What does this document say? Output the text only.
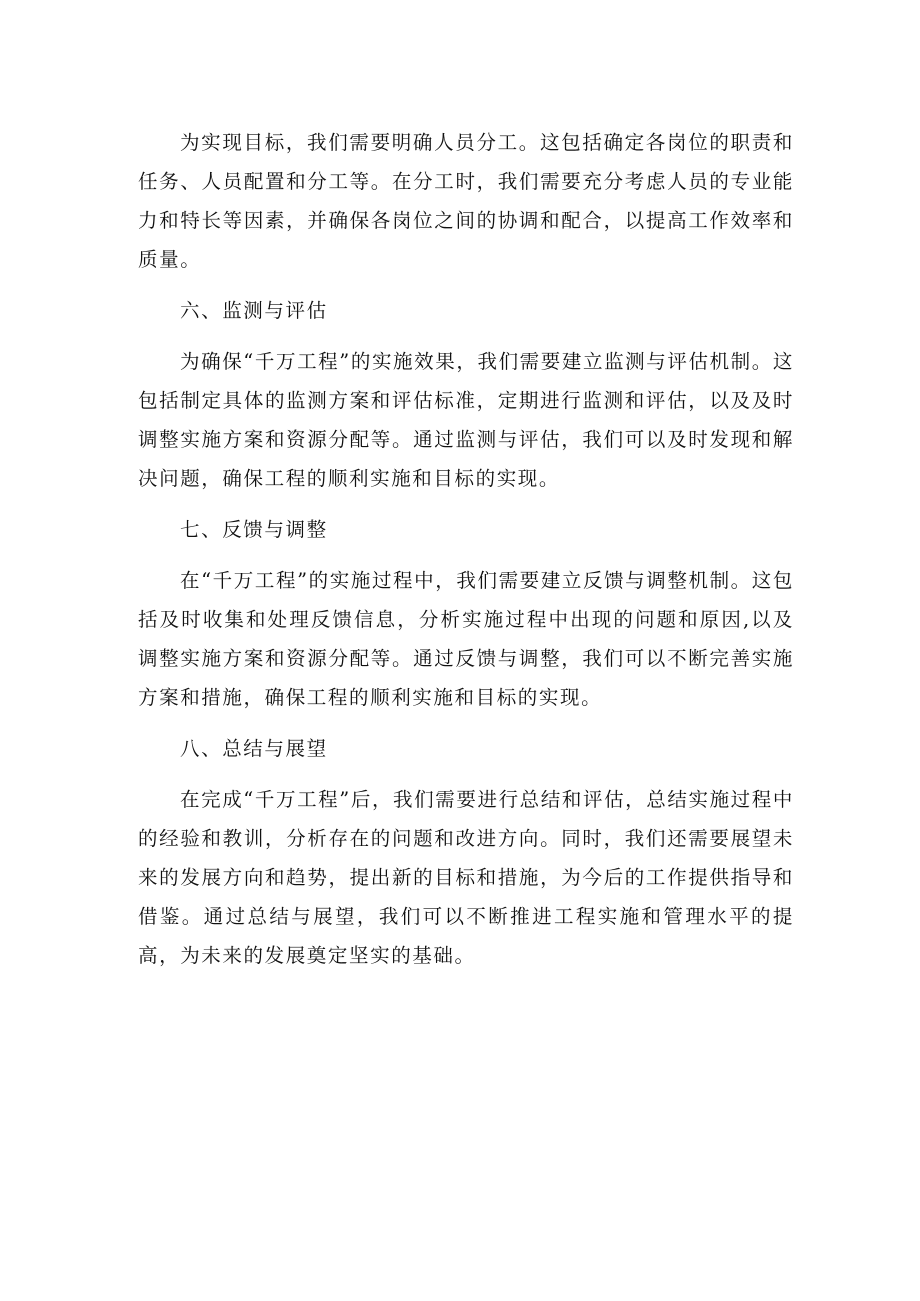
为实现目标，我们需要明确人员分工。这包括确定各岗位的职责和任务、人员配置和分工等。在分工时，我们需要充分考虑人员的专业能力和特长等因素，并确保各岗位之间的协调和配合，以提高工作效率和质量。

六、监测与评估

为确保“千万工程”的实施效果，我们需要建立监测与评估机制。这包括制定具体的监测方案和评估标准，定期进行监测和评估，以及及时调整实施方案和资源分配等。通过监测与评估，我们可以及时发现和解决问题，确保工程的顺利实施和目标的实现。

七、反馈与调整

在“千万工程”的实施过程中，我们需要建立反馈与调整机制。这包括及时收集和处理反馈信息，分析实施过程中出现的问题和原因,以及调整实施方案和资源分配等。通过反馈与调整，我们可以不断完善实施方案和措施，确保工程的顺利实施和目标的实现。

八、总结与展望

在完成“千万工程”后，我们需要进行总结和评估，总结实施过程中的经验和教训，分析存在的问题和改进方向。同时，我们还需要展望未来的发展方向和趋势，提出新的目标和措施，为今后的工作提供指导和借鉴。通过总结与展望，我们可以不断推进工程实施和管理水平的提高，为未来的发展奠定坚实的基础。
